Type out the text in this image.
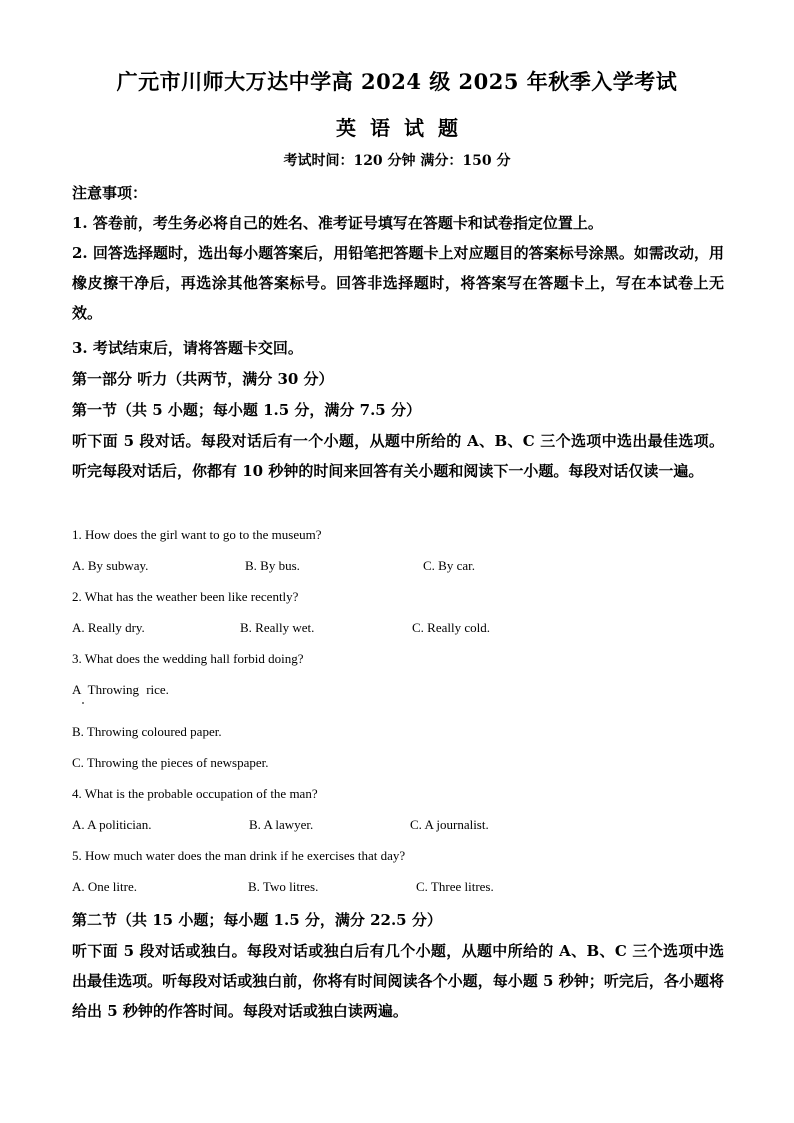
广元市川师大万达中学高 2024 级 2025 年秋季入学考试
英语试题
考试时间：120 分钟 满分：150 分
注意事项：
1. 答卷前，考生务必将自己的姓名、准考证号填写在答题卡和试卷指定位置上。
2. 回答选择题时，选出每小题答案后，用铅笔把答题卡上对应题目的答案标号涂黑。如需改动，用橡皮擦干净后，再选涂其他答案标号。回答非选择题时，将答案写在答题卡上，写在本试卷上无效。
3. 考试结束后，请将答题卡交回。
第一部分 听力（共两节，满分 30 分）
第一节（共 5 小题；每小题 1.5 分，满分 7.5 分）
听下面 5 段对话。每段对话后有一个小题，从题中所给的 A、B、C 三个选项中选出最佳选项。听完每段对话后，你都有 10 秒钟的时间来回答有关小题和阅读下一小题。每段对话仅读一遍。
1. How does the girl want to go to the museum?
A. By subway.	B. By bus.	C. By car.
2. What has the weather been like recently?
A. Really dry.	B. Really wet.	C. Really cold.
3. What does the wedding hall forbid doing?
A Throwing rice.
B. Throwing coloured paper.
C. Throwing the pieces of newspaper.
4. What is the probable occupation of the man?
A. A politician.	B. A lawyer.	C. A journalist.
5. How much water does the man drink if he exercises that day?
A. One litre.	B. Two litres.	C. Three litres.
第二节（共 15 小题；每小题 1.5 分，满分 22.5 分）
听下面 5 段对话或独白。每段对话或独白后有几个小题，从题中所给的 A、B、C 三个选项中选出最佳选项。听每段对话或独白前，你将有时间阅读各个小题，每小题 5 秒钟；听完后，各小题将给出 5 秒钟的作答时间。每段对话或独白读两遍。
